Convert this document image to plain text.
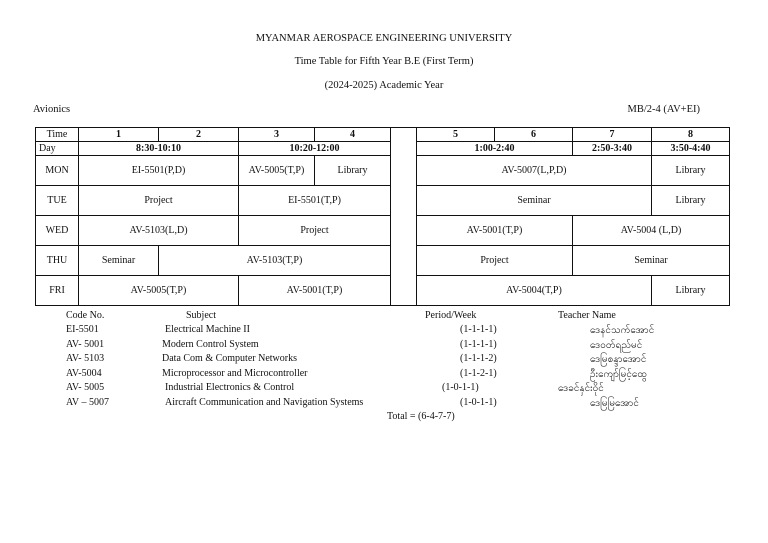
MYANMAR AEROSPACE ENGINEERING UNIVERSITY
Time Table for Fifth Year B.E (First Term)
(2024-2025) Academic Year
Avionics	MB/2-4 (AV+EI)
Time	1	2	3	4		5	6	7	8
Day	8:30-10:10		10:20-12:00			1:00-2:40		2:50-3:40	3:50-4:40
MON	EI-5501(P,D)		AV-5005(T,P)	Library		AV-5007(L,P,D)			Library
TUE	Project		EI-5501(T,P)			Seminar			Library
WED	AV-5103(L,D)		Project			AV-5001(T,P)		AV-5004 (L,D)	
THU	Seminar	AV-5103(T,P)				Project		Seminar	
FRI	AV-5005(T,P)		AV-5001(T,P)			AV-5004(T,P)			Library
Code No.	Subject	Period/Week	Teacher Name
EI-5501	Electrical Machine II	(1-1-1-1)	ဒေနင်သက်အောင်
AV- 5001	Modern Control System	(1-1-1-1)	ဒေဝတ်ရည်မင်
AV- 5103	Data Com & Computer Networks	(1-1-1-2)	ဒေမြစန္ဒာအောင်
AV-5004	Microprocessor and Microcontroller	(1-1-2-1)	ဦးကျော်မြင့်ထွေ
AV- 5005	Industrial Electronics & Control	(1-0-1-1)	ဒေခင်နှင်းဝိုင်
AV – 5007	Aircraft Communication and Navigation Systems	(1-0-1-1)	ဒေမြမြအောင်
Total = (6-4-7-7)
